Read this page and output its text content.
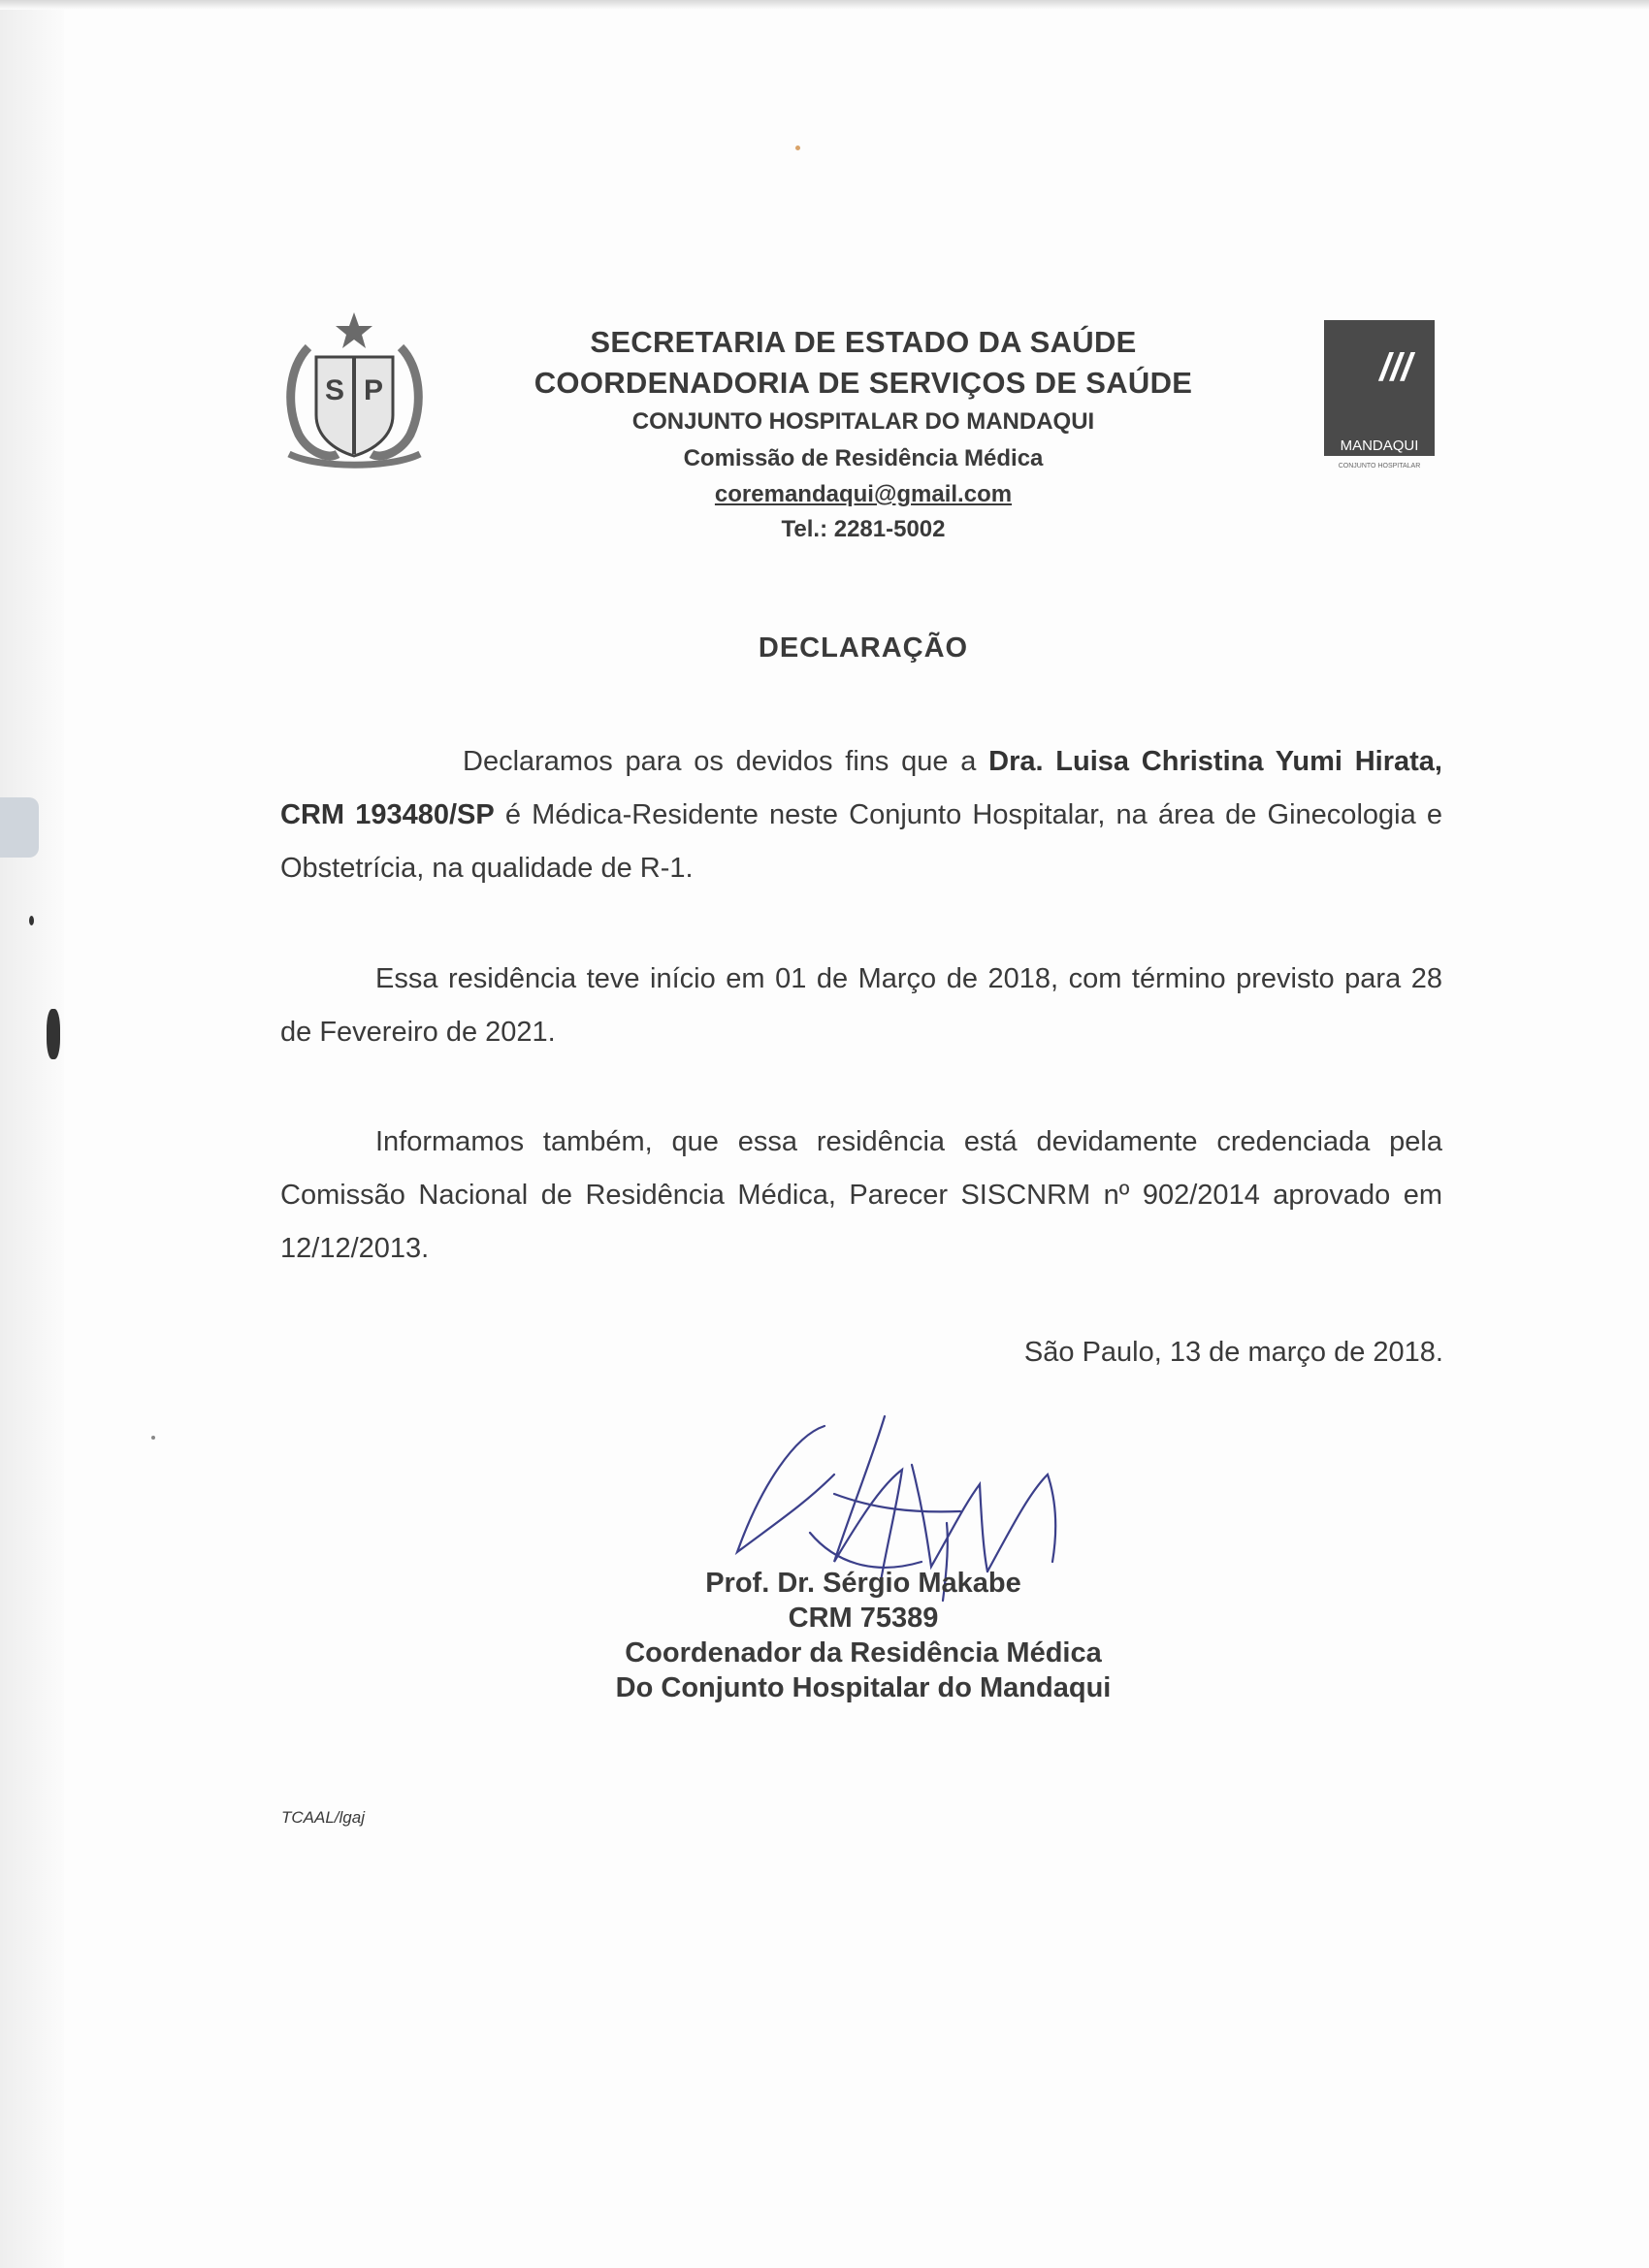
S P
SECRETARIA DE ESTADO DA SAÚDE
COORDENADORIA DE SERVIÇOS DE SAÚDE
CONJUNTO HOSPITALAR DO MANDAQUI
Comissão de Residência Médica
coremandaqui@gmail.com
Tel.: 2281-5002
///
MANDAQUI
CONJUNTO HOSPITALAR
DECLARAÇÃO
Declaramos para os devidos fins que a Dra. Luisa Christina Yumi Hirata, CRM 193480/SP é Médica-Residente neste Conjunto Hospitalar, na área de Ginecologia e Obstetrícia, na qualidade de R-1.
Essa residência teve início em 01 de Março de 2018, com término previsto para 28 de Fevereiro de 2021.
Informamos também, que essa residência está devidamente credenciada pela Comissão Nacional de Residência Médica, Parecer SISCNRM nº 902/2014 aprovado em 12/12/2013.
São Paulo, 13 de março de 2018.
Prof. Dr. Sérgio Makabe
CRM 75389
Coordenador da Residência Médica
Do Conjunto Hospitalar do Mandaqui
TCAAL/lgaj
